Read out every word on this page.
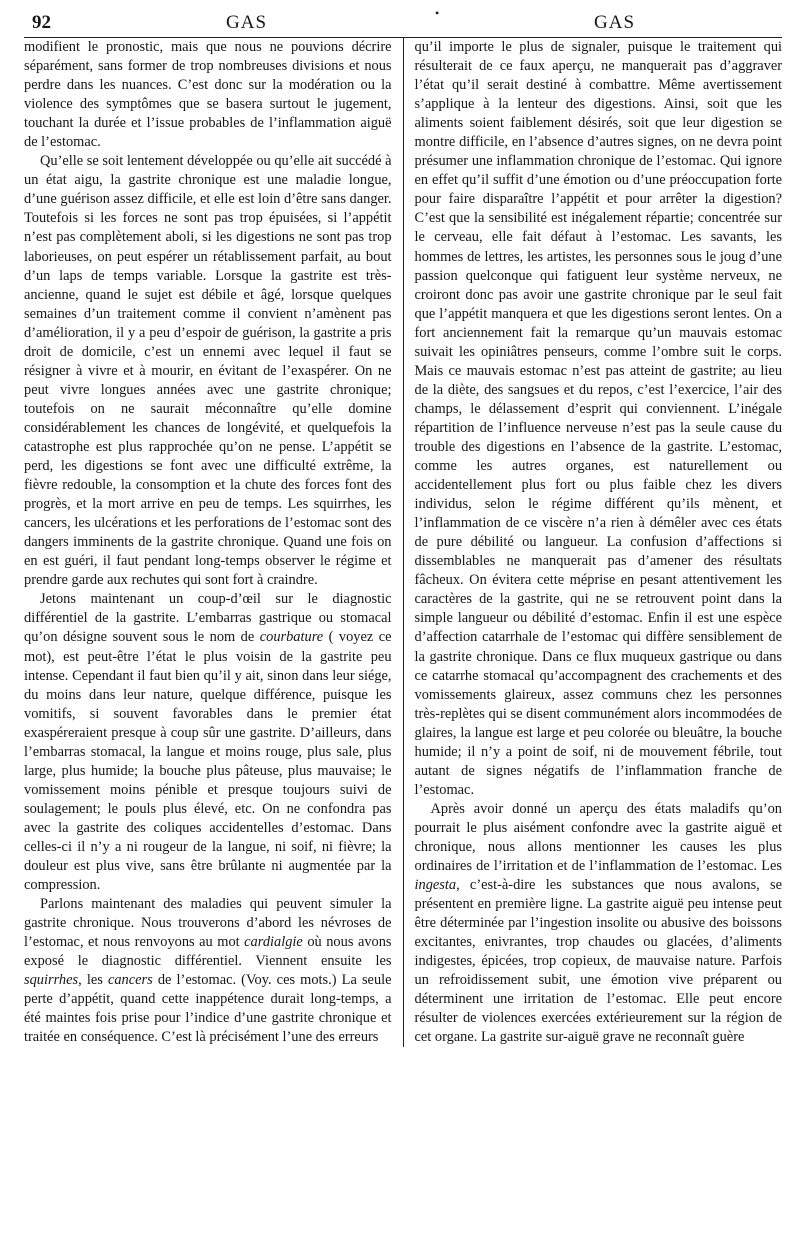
92	GAS	•	GAS

modifient le pronostic, mais que nous ne pouvions décrire séparément, sans former de trop nombreuses divisions et nous perdre dans les nuances. C’est donc sur la modération ou la violence des symptômes que se basera surtout le jugement, touchant la durée et l’issue probables de l’inflammation aiguë de l’estomac.

Qu’elle se soit lentement développée ou qu’elle ait succédé à un état aigu, la gastrite chronique est une maladie longue, d’une guérison assez difficile, et elle est loin d’être sans danger. Toutefois si les forces ne sont pas trop épuisées, si l’appétit n’est pas complètement aboli, si les digestions ne sont pas trop laborieuses, on peut espérer un rétablissement parfait, au bout d’un laps de temps variable. Lorsque la gastrite est très-ancienne, quand le sujet est débile et âgé, lorsque quelques semaines d’un traitement comme il convient n’amènent pas d’amélioration, il y a peu d’espoir de guérison, la gastrite a pris droit de domicile, c’est un ennemi avec lequel il faut se résigner à vivre et à mourir, en évitant de l’exaspérer. On ne peut vivre longues années avec une gastrite chronique; toutefois on ne saurait méconnaître qu’elle domine considérablement les chances de longévité, et quelquefois la catastrophe est plus rapprochée qu’on ne pense. L’appétit se perd, les digestions se font avec une difficulté extrême, la fièvre redouble, la consomption et la chute des forces font des progrès, et la mort arrive en peu de temps. Les squirrhes, les cancers, les ulcérations et les perforations de l’estomac sont des dangers imminents de la gastrite chronique. Quand une fois on en est guéri, il faut pendant long-temps observer le régime et prendre garde aux rechutes qui sont fort à craindre.

Jetons maintenant un coup-d’œil sur le diagnostic différentiel de la gastrite. L’embarras gastrique ou stomacal qu’on désigne souvent sous le nom de courbature ( voyez ce mot), est peut-être l’état le plus voisin de la gastrite peu intense. Cependant il faut bien qu’il y ait, sinon dans leur siége, du moins dans leur nature, quelque différence, puisque les vomitifs, si souvent favorables dans le premier état exaspéreraient presque à coup sûr une gastrite. D’ailleurs, dans l’embarras stomacal, la langue et moins rouge, plus sale, plus large, plus humide; la bouche plus pâteuse, plus mauvaise; le vomissement moins pénible et presque toujours suivi de soulagement; le pouls plus élevé, etc. On ne confondra pas avec la gastrite des coliques accidentelles d’estomac. Dans celles-ci il n’y a ni rougeur de la langue, ni soif, ni fièvre; la douleur est plus vive, sans être brûlante ni augmentée par la compression.

Parlons maintenant des maladies qui peuvent simuler la gastrite chronique. Nous trouverons d’abord les névroses de l’estomac, et nous renvoyons au mot cardialgie où nous avons exposé le diagnostic différentiel. Viennent ensuite les squirrhes, les cancers de l’estomac. (Voy. ces mots.) La seule perte d’appétit, quand cette inappétence durait long-temps, a été maintes fois prise pour l’indice d’une gastrite chronique et traitée en conséquence. C’est là précisément l’une des erreurs

qu’il importe le plus de signaler, puisque le traitement qui résulterait de ce faux aperçu, ne manquerait pas d’aggraver l’état qu’il serait destiné à combattre. Même avertissement s’applique à la lenteur des digestions. Ainsi, soit que les aliments soient faiblement désirés, soit que leur digestion se montre difficile, en l’absence d’autres signes, on ne devra point présumer une inflammation chronique de l’estomac. Qui ignore en effet qu’il suffit d’une émotion ou d’une préoccupation forte pour faire disparaître l’appétit et pour arrêter la digestion? C’est que la sensibilité est inégalement répartie; concentrée sur le cerveau, elle fait défaut à l’estomac. Les savants, les hommes de lettres, les artistes, les personnes sous le joug d’une passion quelconque qui fatiguent leur système nerveux, ne croiront donc pas avoir une gastrite chronique par le seul fait que l’appétit manquera et que les digestions seront lentes. On a fort anciennement fait la remarque qu’un mauvais estomac suivait les opiniâtres penseurs, comme l’ombre suit le corps. Mais ce mauvais estomac n’est pas atteint de gastrite; au lieu de la diète, des sangsues et du repos, c’est l’exercice, l’air des champs, le délassement d’esprit qui conviennent. L’inégale répartition de l’influence nerveuse n’est pas la seule cause du trouble des digestions en l’absence de la gastrite. L’estomac, comme les autres organes, est naturellement ou accidentellement plus fort ou plus faible chez les divers individus, selon le régime différent qu’ils mènent, et l’inflammation de ce viscère n’a rien à démêler avec ces états de pure débilité ou langueur. La confusion d’affections si dissemblables ne manquerait pas d’amener des résultats fâcheux. On évitera cette méprise en pesant attentivement les caractères de la gastrite, qui ne se retrouvent point dans la simple langueur ou débilité d’estomac. Enfin il est une espèce d’affection catarrhale de l’estomac qui diffère sensiblement de la gastrite chronique. Dans ce flux muqueux gastrique ou dans ce catarrhe stomacal qu’accompagnent des crachements et des vomissements glaireux, assez communs chez les personnes très-replètes qui se disent communément alors incommodées de glaires, la langue est large et peu colorée ou bleuâtre, la bouche humide; il n’y a point de soif, ni de mouvement fébrile, tout autant de signes négatifs de l’inflammation franche de l’estomac.

Après avoir donné un aperçu des états maladifs qu’on pourrait le plus aisément confondre avec la gastrite aiguë et chronique, nous allons mentionner les causes les plus ordinaires de l’irritation et de l’inflammation de l’estomac. Les ingesta, c’est-à-dire les substances que nous avalons, se présentent en première ligne. La gastrite aiguë peu intense peut être déterminée par l’ingestion insolite ou abusive des boissons excitantes, enivrantes, trop chaudes ou glacées, d’aliments indigestes, épicées, trop copieux, de mauvaise nature. Parfois un refroidissement subit, une émotion vive préparent ou déterminent une irritation de l’estomac. Elle peut encore résulter de violences exercées extérieurement sur la région de cet organe. La gastrite sur-aiguë grave ne reconnaît guère
